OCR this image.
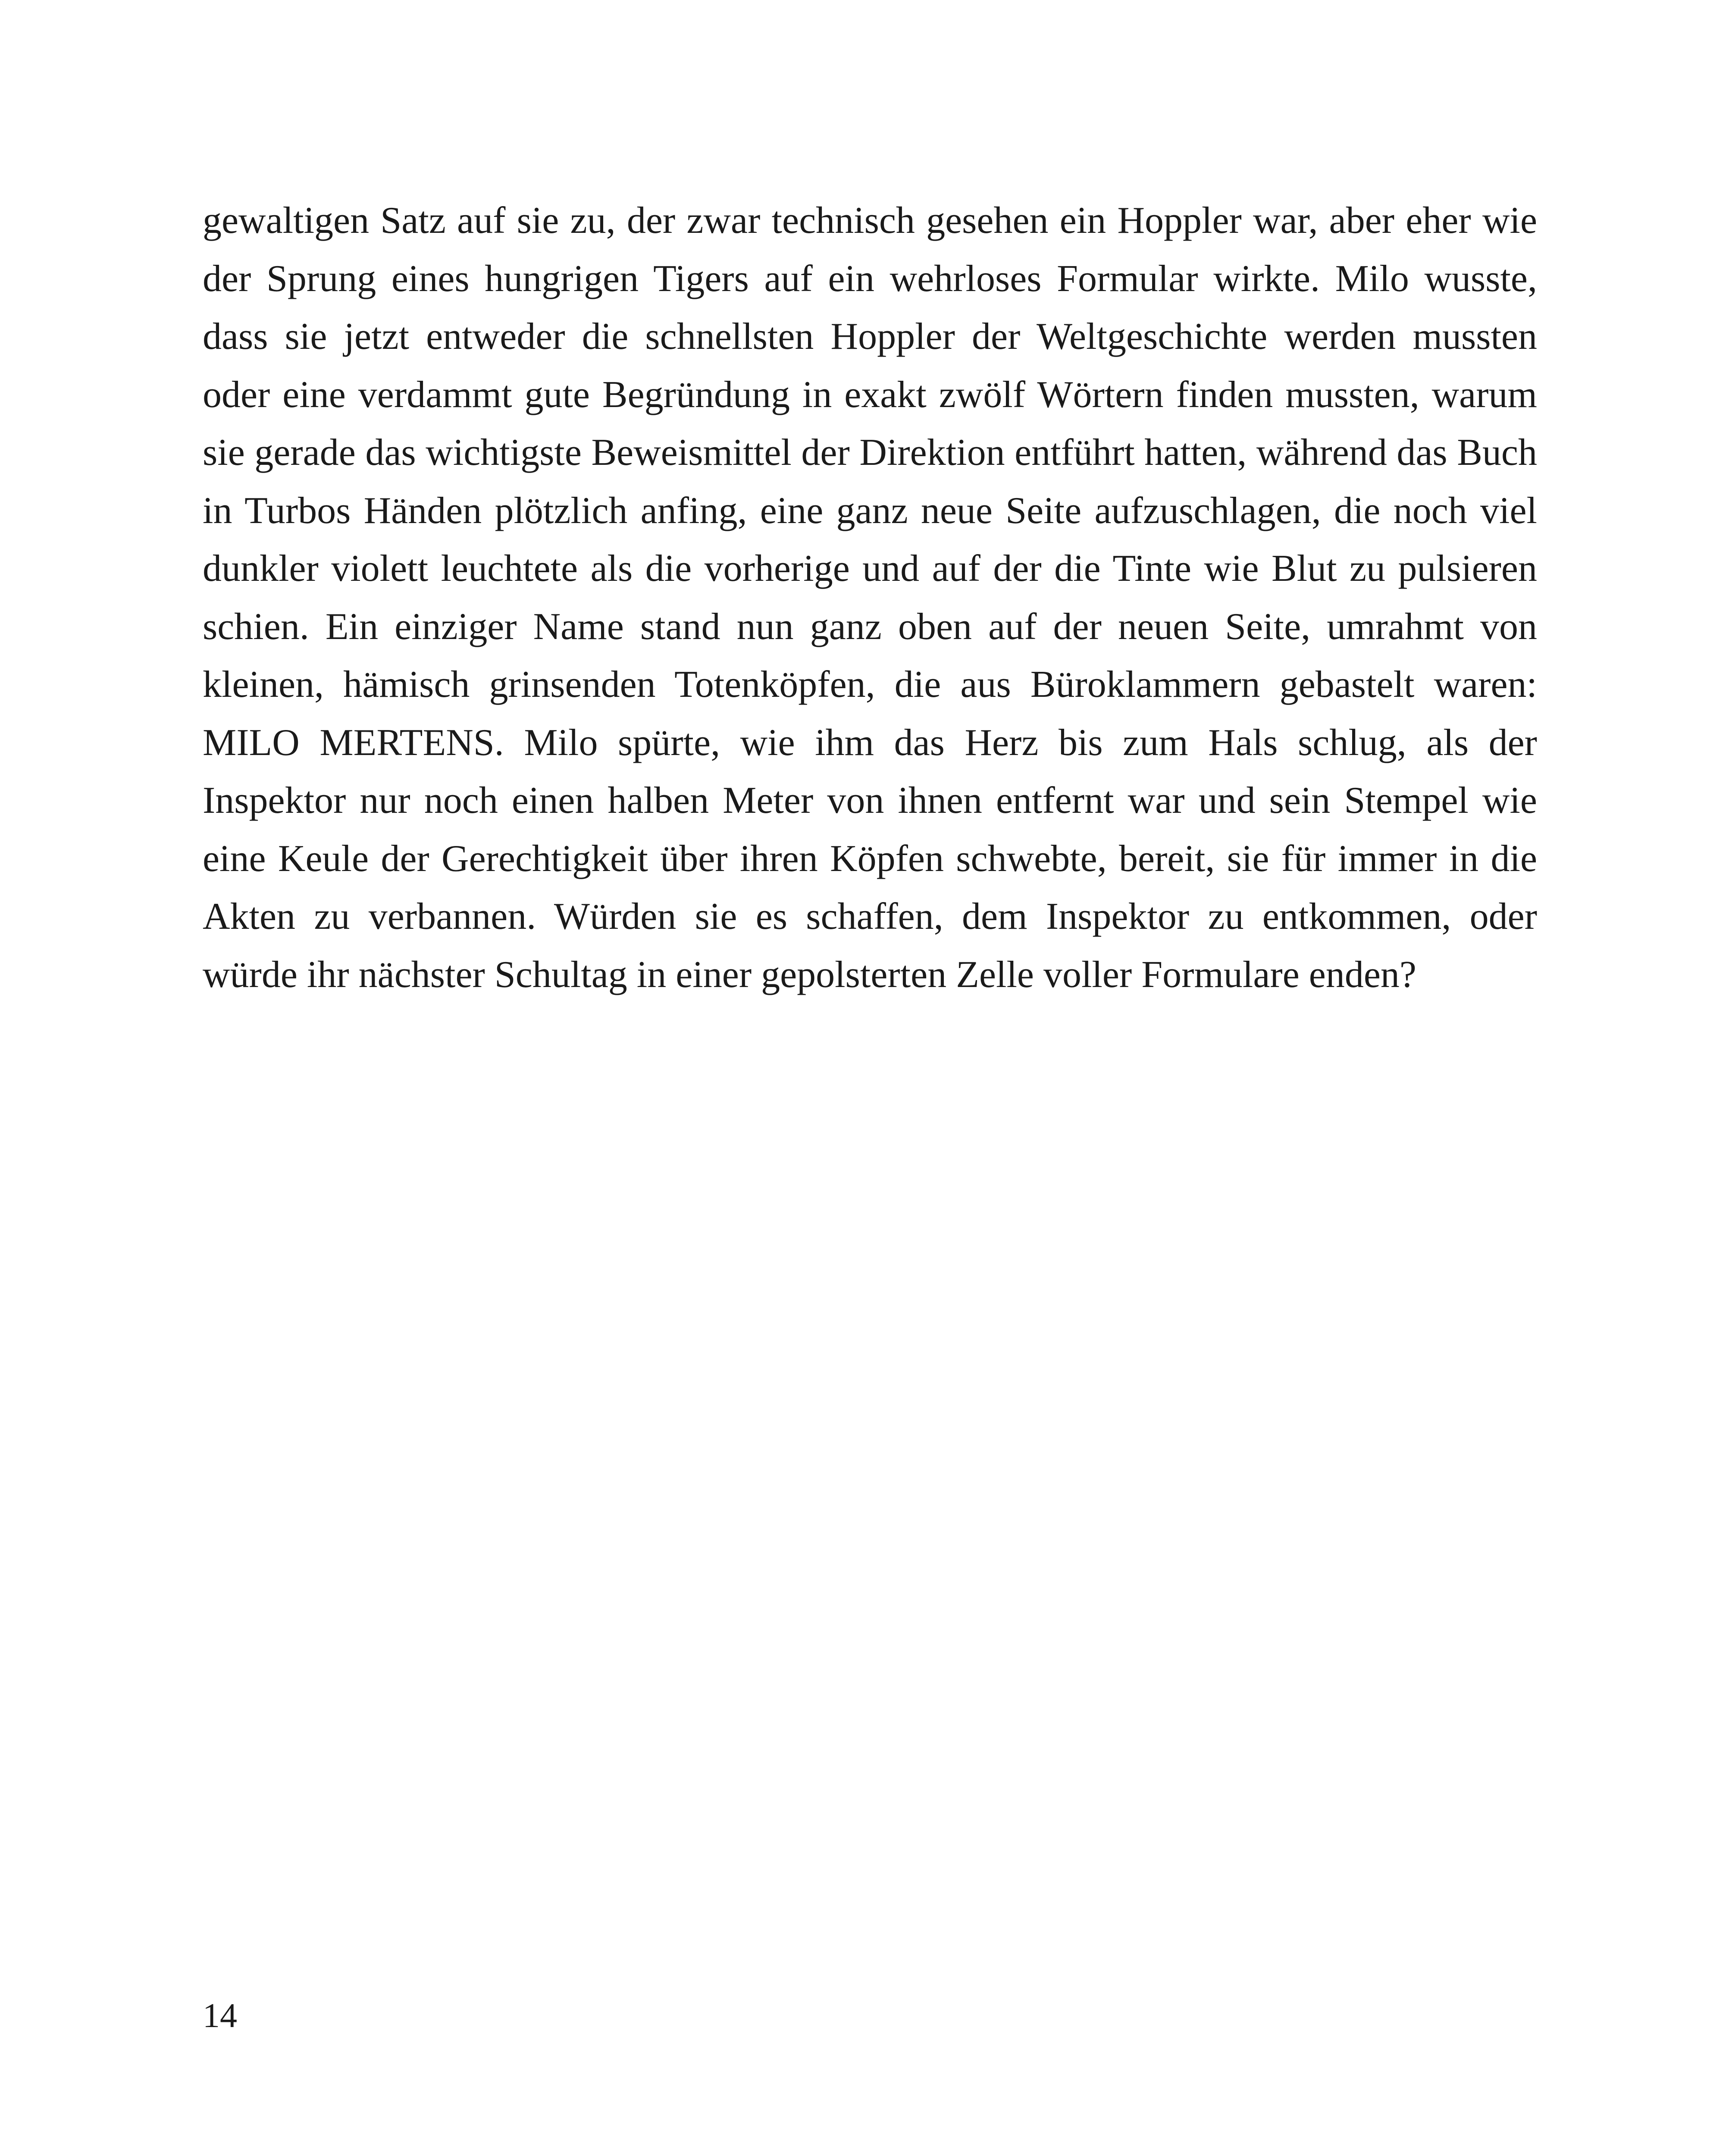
gewaltigen Satz auf sie zu, der zwar technisch gesehen ein Hoppler war, aber eher wie der Sprung eines hungrigen Tigers auf ein wehrloses Formular wirkte. Milo wusste, dass sie jetzt entweder die schnellsten Hoppler der Weltgeschichte werden mussten oder eine verdammt gute Begründung in exakt zwölf Wörtern finden mussten, warum sie gerade das wichtigste Beweismittel der Direktion entführt hatten, während das Buch in Turbos Händen plötzlich anfing, eine ganz neue Seite aufzuschlagen, die noch viel dunkler violett leuchtete als die vorherige und auf der die Tinte wie Blut zu pulsieren schien. Ein einziger Name stand nun ganz oben auf der neuen Seite, umrahmt von kleinen, hämisch grinsenden Totenköpfen, die aus Büroklammern gebastelt waren: MILO MERTENS. Milo spürte, wie ihm das Herz bis zum Hals schlug, als der Inspektor nur noch einen halben Meter von ihnen entfernt war und sein Stempel wie eine Keule der Gerechtigkeit über ihren Köpfen schwebte, bereit, sie für immer in die Akten zu verbannen. Würden sie es schaffen, dem Inspektor zu entkommen, oder würde ihr nächster Schultag in einer gepolsterten Zelle voller Formulare enden?

14
